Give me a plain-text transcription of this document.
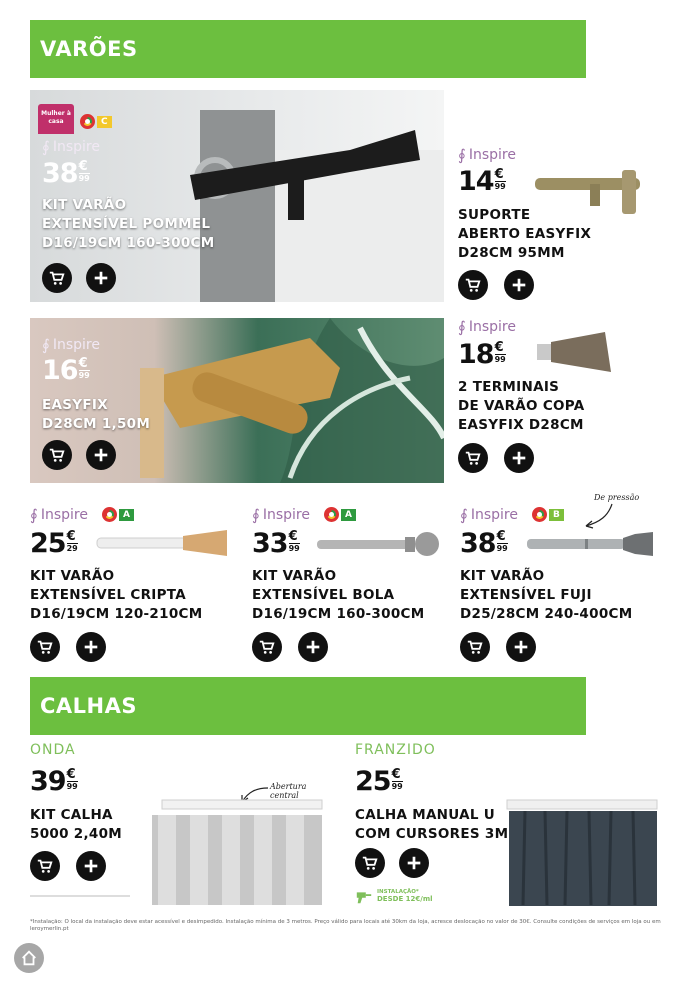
VARÕES
Mulher à casa	C
∮ Inspire
38 €
99
KIT VARÃO
EXTENSÍVEL POMMEL
D16/19CM 160-300CM
∮ Inspire
14 €
99
SUPORTE
ABERTO EASYFIX
D28CM 95MM
∮ Inspire
16 €
99
EASYFIX
D28CM 1,50M
∮ Inspire
18 €
99
2 TERMINAIS
DE VARÃO COPA
EASYFIX D28CM
∮ Inspire	A
25 €
29
KIT VARÃO
EXTENSÍVEL CRIPTA
D16/19CM 120-210CM
∮ Inspire	A
33 €
99
KIT VARÃO
EXTENSÍVEL BOLA
D16/19CM 160-300CM
∮ Inspire	B
De pressão
38 €
99
KIT VARÃO
EXTENSÍVEL FUJI
D25/28CM 240-400CM
CALHAS
ONDA
39 €
99
KIT CALHA
5000 2,40M
Abertura central
FRANZIDO
25 €
99
CALHA MANUAL U
COM CURSORES 3M
INSTALAÇÃO*
DESDE 12€/ml
*Instalação: O local da instalação deve estar acessível e desimpedido. Instalação mínima de 3 metros. Preço válido para locais até 30km da loja, acresce deslocação no valor de 30€. Consulte condições de serviços em loja ou em leroymerlin.pt
